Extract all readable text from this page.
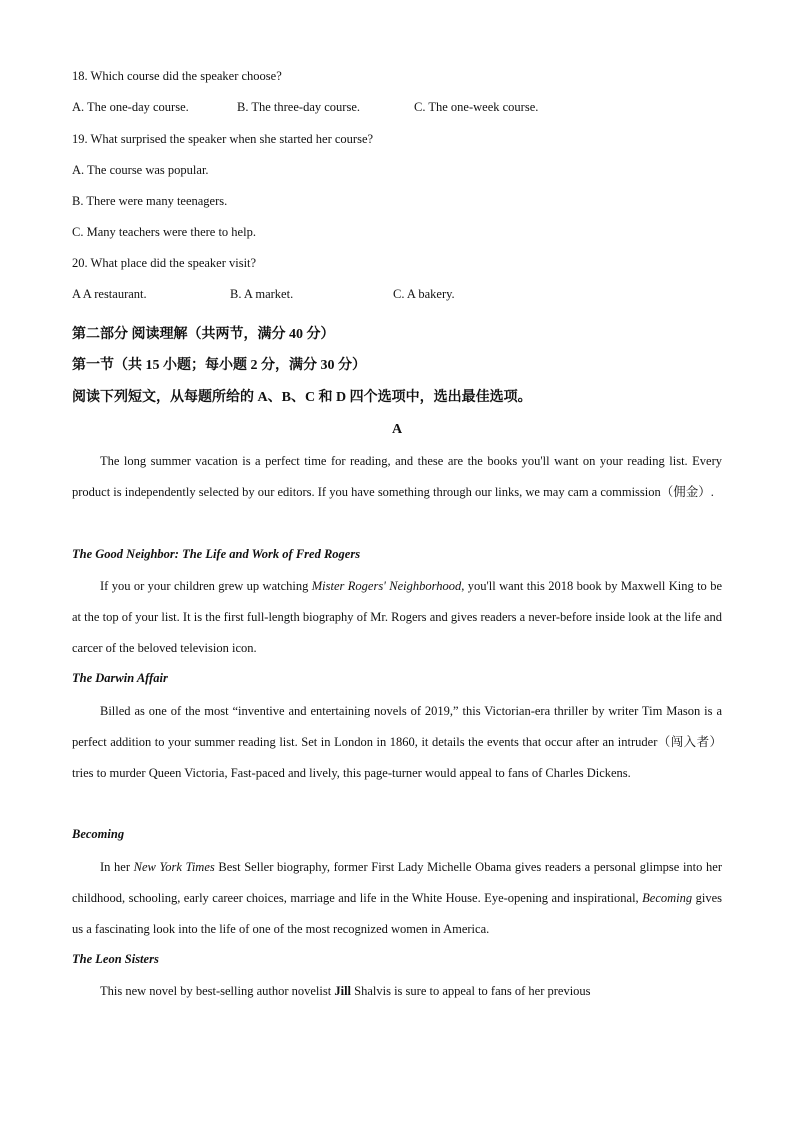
18. Which course did the speaker choose?
A. The one-day course.	B. The three-day course.	C. The one-week course.
19. What surprised the speaker when she started her course?
A. The course was popular.
B. There were many teenagers.
C. Many teachers were there to help.
20. What place did the speaker visit?
A A restaurant.	B. A market.	C. A bakery.
第二部分 阅读理解（共两节，满分 40 分）
第一节（共 15 小题；每小题 2 分，满分 30 分）
阅读下列短文，从每题所给的 A、B、C 和 D 四个选项中，选出最佳选项。
A
The long summer vacation is a perfect time for reading, and these are the books you'll want on your reading list. Every product is independently selected by our editors. If you have something through our links, we may cam a commission（佣金）.
The Good Neighbor: The Life and Work of Fred Rogers
If you or your children grew up watching Mister Rogers' Neighborhood, you'll want this 2018 book by Maxwell King to be at the top of your list. It is the first full-length biography of Mr. Rogers and gives readers a never-before inside look at the life and carcer of the beloved television icon.
The Darwin Affair
Billed as one of the most “inventive and entertaining novels of 2019,” this Victorian-era thriller by writer Tim Mason is a perfect addition to your summer reading list. Set in London in 1860, it details the events that occur after an intruder（闯入者）tries to murder Queen Victoria, Fast-paced and lively, this page-turner would appeal to fans of Charles Dickens.
Becoming
In her New York Times Best Seller biography, former First Lady Michelle Obama gives readers a personal glimpse into her childhood, schooling, early career choices, marriage and life in the White House. Eye-opening and inspirational, Becoming gives us a fascinating look into the life of one of the most recognized women in America.
The Leon Sisters
This new novel by best-selling author novelist Jill Shalvis is sure to appeal to fans of her previous
